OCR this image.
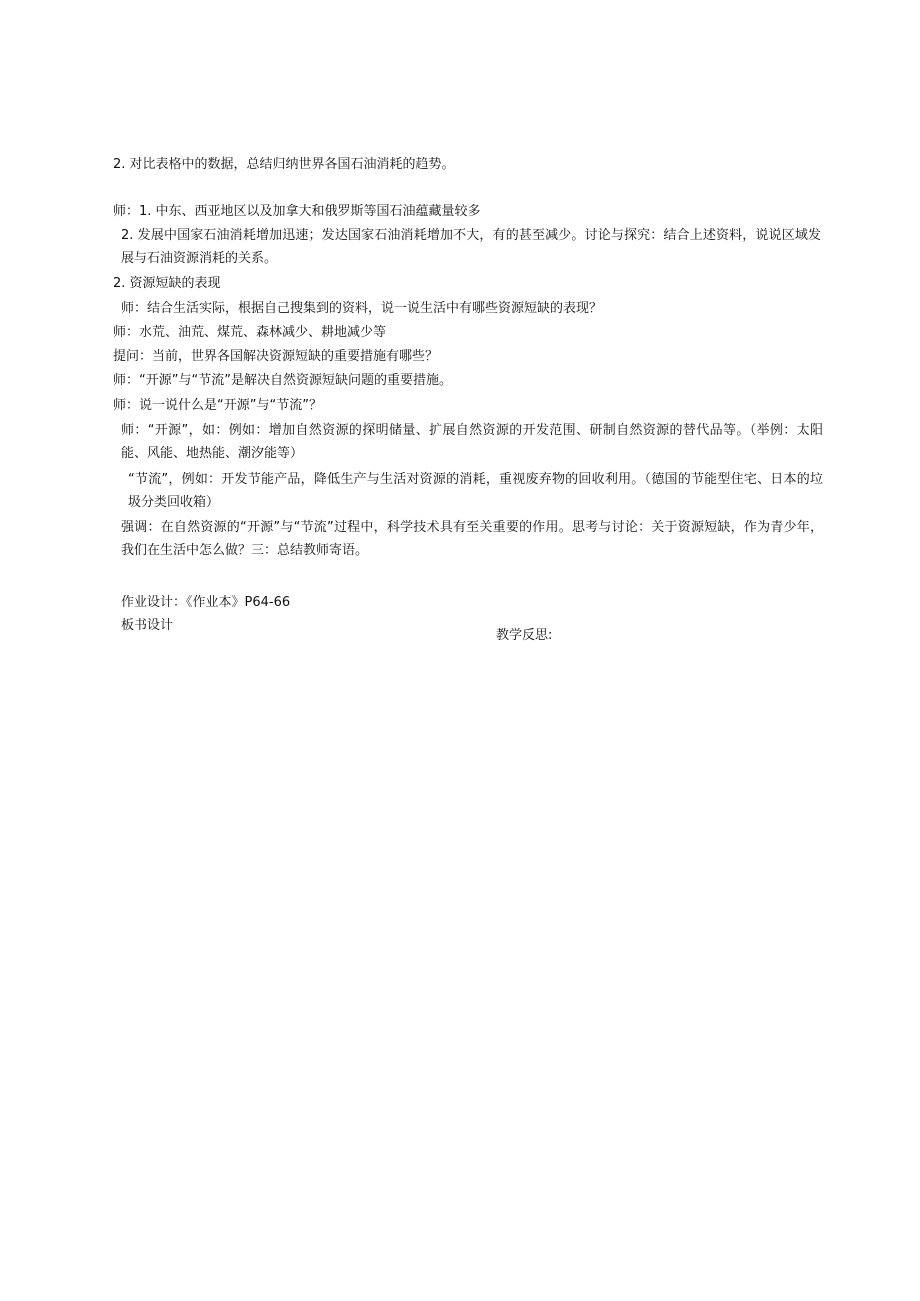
2. 对比表格中的数据，总结归纳世界各国石油消耗的趋势。
师：1. 中东、西亚地区以及加拿大和俄罗斯等国石油蕴藏量较多
2. 发展中国家石油消耗增加迅速；发达国家石油消耗增加不大，有的甚至减少。讨论与探究：结合上述资料，说说区域发展与石油资源消耗的关系。
2. 资源短缺的表现
师：结合生活实际，根据自己搜集到的资料，说一说生活中有哪些资源短缺的表现？
师：水荒、油荒、煤荒、森林减少、耕地减少等
提问：当前，世界各国解决资源短缺的重要措施有哪些？
师：“开源”与“节流”是解决自然资源短缺问题的重要措施。
师：说一说什么是“开源”与“节流”？
师：“开源”，如：例如：增加自然资源的探明储量、扩展自然资源的开发范围、研制自然资源的替代品等。（举例：太阳能、风能、地热能、潮汐能等）
“节流”，例如：开发节能产品，降低生产与生活对资源的消耗，重视废弃物的回收利用。（德国的节能型住宅、日本的垃圾分类回收箱）
强调：在自然资源的“开源”与“节流”过程中，科学技术具有至关重要的作用。思考与讨论：关于资源短缺，作为青少年，我们在生活中怎么做？三：总结教师寄语。
作业设计：《作业本》P64-66
板书设计
教学反思:
